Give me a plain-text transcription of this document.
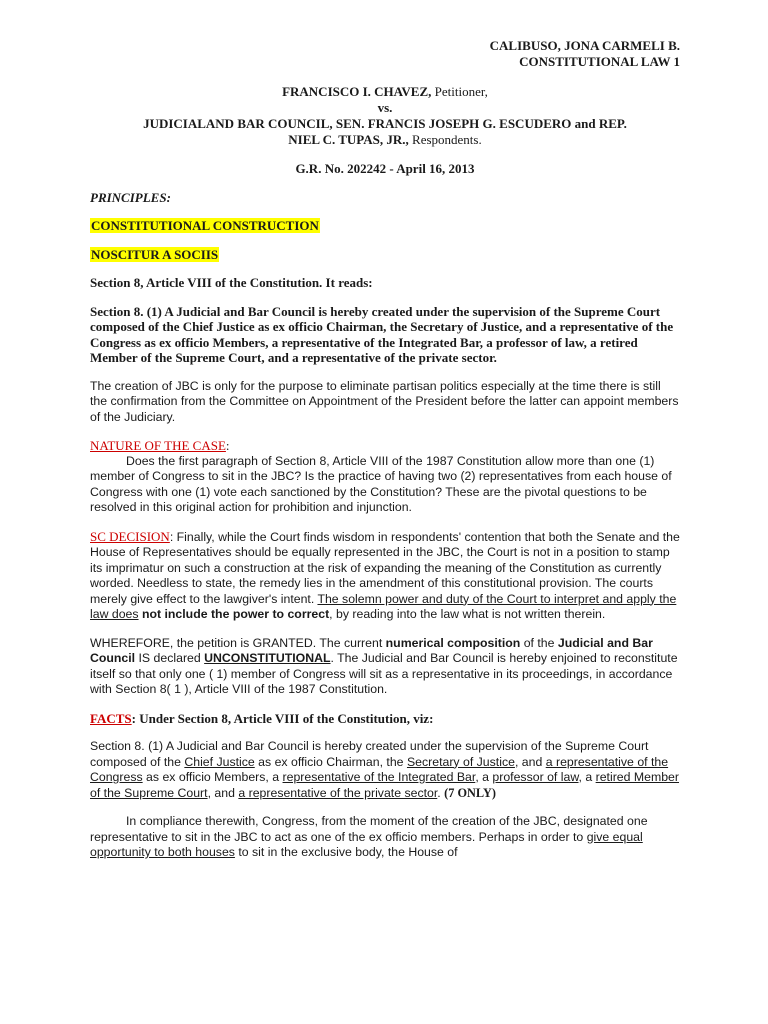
CALIBUSO, JONA CARMELI B.
CONSTITUTIONAL LAW 1
FRANCISCO I. CHAVEZ, Petitioner,
vs.
JUDICIALAND BAR COUNCIL, SEN. FRANCIS JOSEPH G. ESCUDERO and REP.
NIEL C. TUPAS, JR., Respondents.
G.R. No. 202242 - April 16, 2013
PRINCIPLES:
CONSTITUTIONAL CONSTRUCTION
NOSCITUR A SOCIIS
Section 8, Article VIII of the Constitution. It reads:
Section 8. (1) A Judicial and Bar Council is hereby created under the supervision of the Supreme Court composed of the Chief Justice as ex officio Chairman, the Secretary of Justice, and a representative of the Congress as ex officio Members, a representative of the Integrated Bar, a professor of law, a retired Member of the Supreme Court, and a representative of the private sector.
The creation of JBC is only for the purpose to eliminate partisan politics especially at the time there is still the confirmation from the Committee on Appointment of the President before the latter can appoint members of the Judiciary.
NATURE OF THE CASE:
Does the first paragraph of Section 8, Article VIII of the 1987 Constitution allow more than one (1) member of Congress to sit in the JBC? Is the practice of having two (2) representatives from each house of Congress with one (1) vote each sanctioned by the Constitution? These are the pivotal questions to be resolved in this original action for prohibition and injunction.
SC DECISION: Finally, while the Court finds wisdom in respondents' contention that both the Senate and the House of Representatives should be equally represented in the JBC, the Court is not in a position to stamp its imprimatur on such a construction at the risk of expanding the meaning of the Constitution as currently worded. Needless to state, the remedy lies in the amendment of this constitutional provision. The courts merely give effect to the lawgiver's intent. The solemn power and duty of the Court to interpret and apply the law does not include the power to correct, by reading into the law what is not written therein.
WHEREFORE, the petition is GRANTED. The current numerical composition of the Judicial and Bar Council IS declared UNCONSTITUTIONAL. The Judicial and Bar Council is hereby enjoined to reconstitute itself so that only one ( 1) member of Congress will sit as a representative in its proceedings, in accordance with Section 8( 1 ), Article VIII of the 1987 Constitution.
FACTS: Under Section 8, Article VIII of the Constitution, viz:
Section 8. (1) A Judicial and Bar Council is hereby created under the supervision of the Supreme Court composed of the Chief Justice as ex officio Chairman, the Secretary of Justice, and a representative of the Congress as ex officio Members, a representative of the Integrated Bar, a professor of law, a retired Member of the Supreme Court, and a representative of the private sector. (7 ONLY)
In compliance therewith, Congress, from the moment of the creation of the JBC, designated one representative to sit in the JBC to act as one of the ex officio members. Perhaps in order to give equal opportunity to both houses to sit in the exclusive body, the House of
